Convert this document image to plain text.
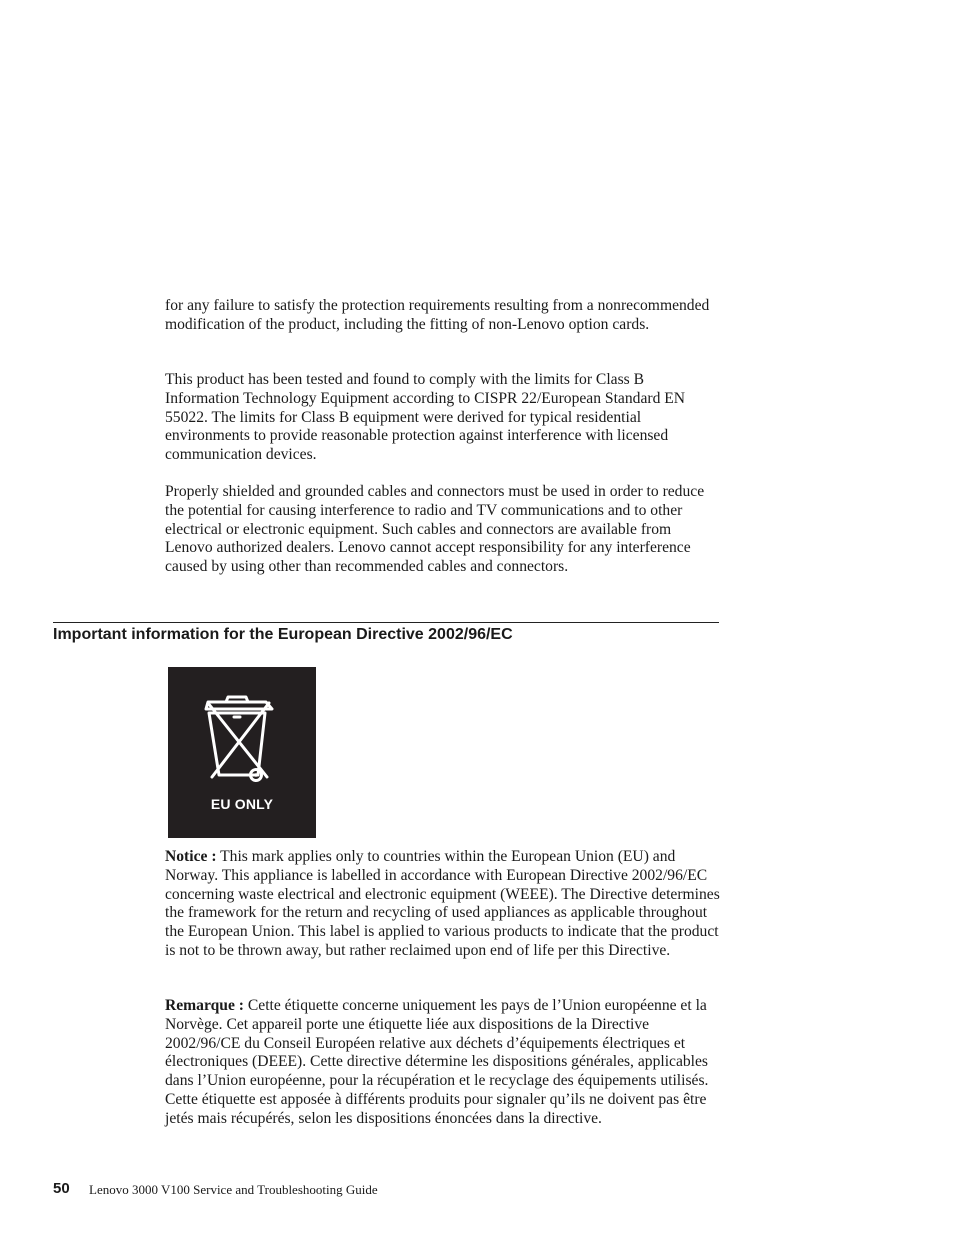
for any failure to satisfy the protection requirements resulting from a nonrecommended modification of the product, including the fitting of non-Lenovo option cards.

This product has been tested and found to comply with the limits for Class B Information Technology Equipment according to CISPR 22/European Standard EN 55022. The limits for Class B equipment were derived for typical residential environments to provide reasonable protection against interference with licensed communication devices.

Properly shielded and grounded cables and connectors must be used in order to reduce the potential for causing interference to radio and TV communications and to other electrical or electronic equipment. Such cables and connectors are available from Lenovo authorized dealers. Lenovo cannot accept responsibility for any interference caused by using other than recommended cables and connectors.

Important information for the European Directive 2002/96/EC
EU ONLY

Notice : This mark applies only to countries within the European Union (EU) and Norway. This appliance is labelled in accordance with European Directive 2002/96/EC concerning waste electrical and electronic equipment (WEEE). The Directive determines the framework for the return and recycling of used appliances as applicable throughout the European Union. This label is applied to various products to indicate that the product is not to be thrown away, but rather reclaimed upon end of life per this Directive.

Remarque : Cette étiquette concerne uniquement les pays de l’Union européenne et la Norvège. Cet appareil porte une étiquette liée aux dispositions de la Directive 2002/96/CE du Conseil Européen relative aux déchets d’équipements électriques et électroniques (DEEE). Cette directive détermine les dispositions générales, applicables dans l’Union européenne, pour la récupération et le recyclage des équipements utilisés. Cette étiquette est apposée à différents produits pour signaler qu’ils ne doivent pas être jetés mais récupérés, selon les dispositions énoncées dans la directive.

50 Lenovo 3000 V100 Service and Troubleshooting Guide
